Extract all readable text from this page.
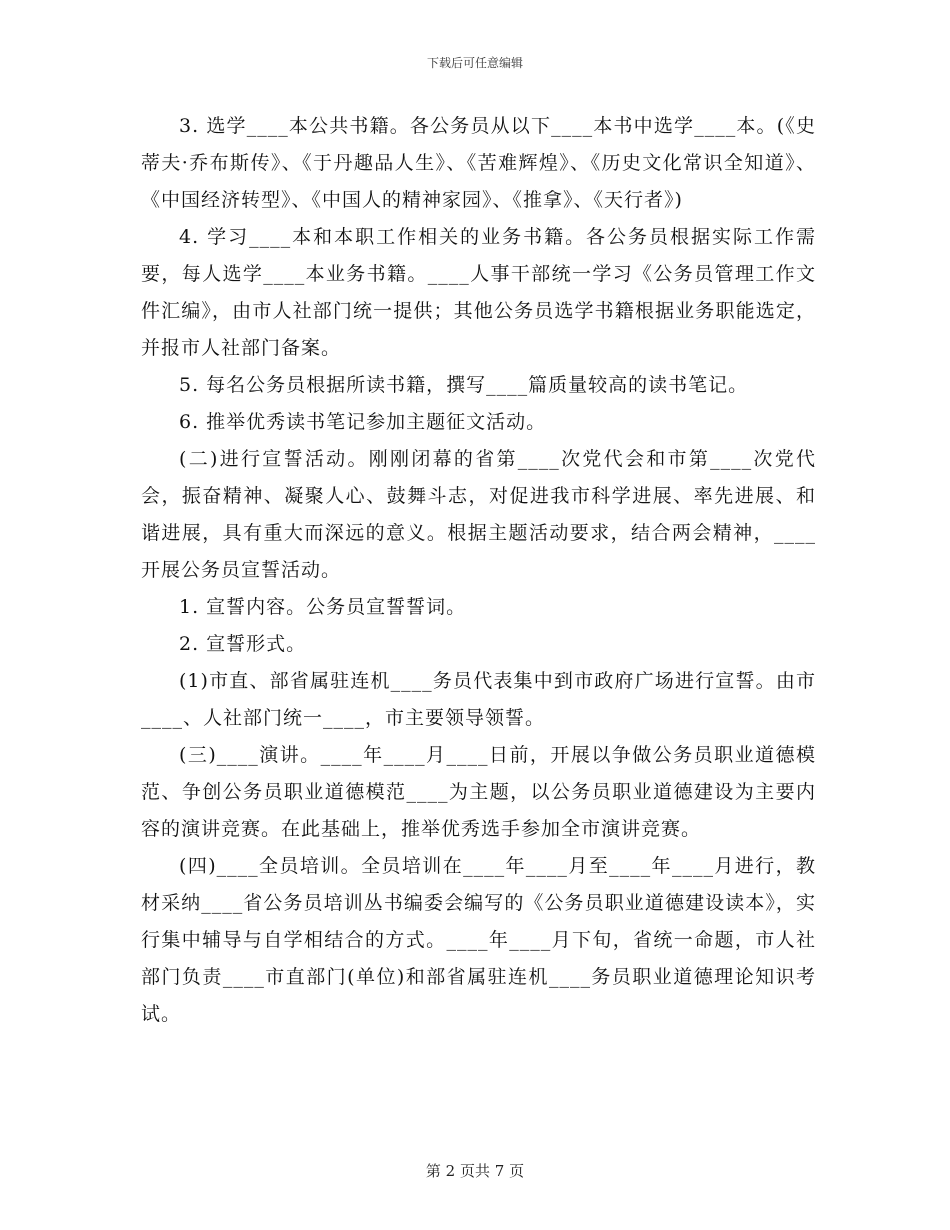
下载后可任意编辑

3. 选学____本公共书籍。各公务员从以下____本书中选学____本。(《史蒂夫·乔布斯传》、《于丹趣品人生》、《苦难辉煌》、《历史文化常识全知道》、《中国经济转型》、《中国人的精神家园》、《推拿》、《天行者》)

4. 学习____本和本职工作相关的业务书籍。各公务员根据实际工作需要，每人选学____本业务书籍。____人事干部统一学习《公务员管理工作文件汇编》，由市人社部门统一提供；其他公务员选学书籍根据业务职能选定，并报市人社部门备案。

5. 每名公务员根据所读书籍，撰写____篇质量较高的读书笔记。

6. 推举优秀读书笔记参加主题征文活动。

(二)进行宣誓活动。刚刚闭幕的省第____次党代会和市第____次党代会，振奋精神、凝聚人心、鼓舞斗志，对促进我市科学进展、率先进展、和谐进展，具有重大而深远的意义。根据主题活动要求，结合两会精神，____开展公务员宣誓活动。

1. 宣誓内容。公务员宣誓誓词。

2. 宣誓形式。

(1)市直、部省属驻连机____务员代表集中到市政府广场进行宣誓。由市____、人社部门统一____，市主要领导领誓。

(三)____演讲。____年____月____日前，开展以争做公务员职业道德模范、争创公务员职业道德模范____为主题，以公务员职业道德建设为主要内容的演讲竞赛。在此基础上，推举优秀选手参加全市演讲竞赛。

(四)____全员培训。全员培训在____年____月至____年____月进行，教材采纳____省公务员培训丛书编委会编写的《公务员职业道德建设读本》，实行集中辅导与自学相结合的方式。____年____月下旬，省统一命题，市人社部门负责____市直部门(单位)和部省属驻连机____务员职业道德理论知识考试。

第 2 页共 7 页
